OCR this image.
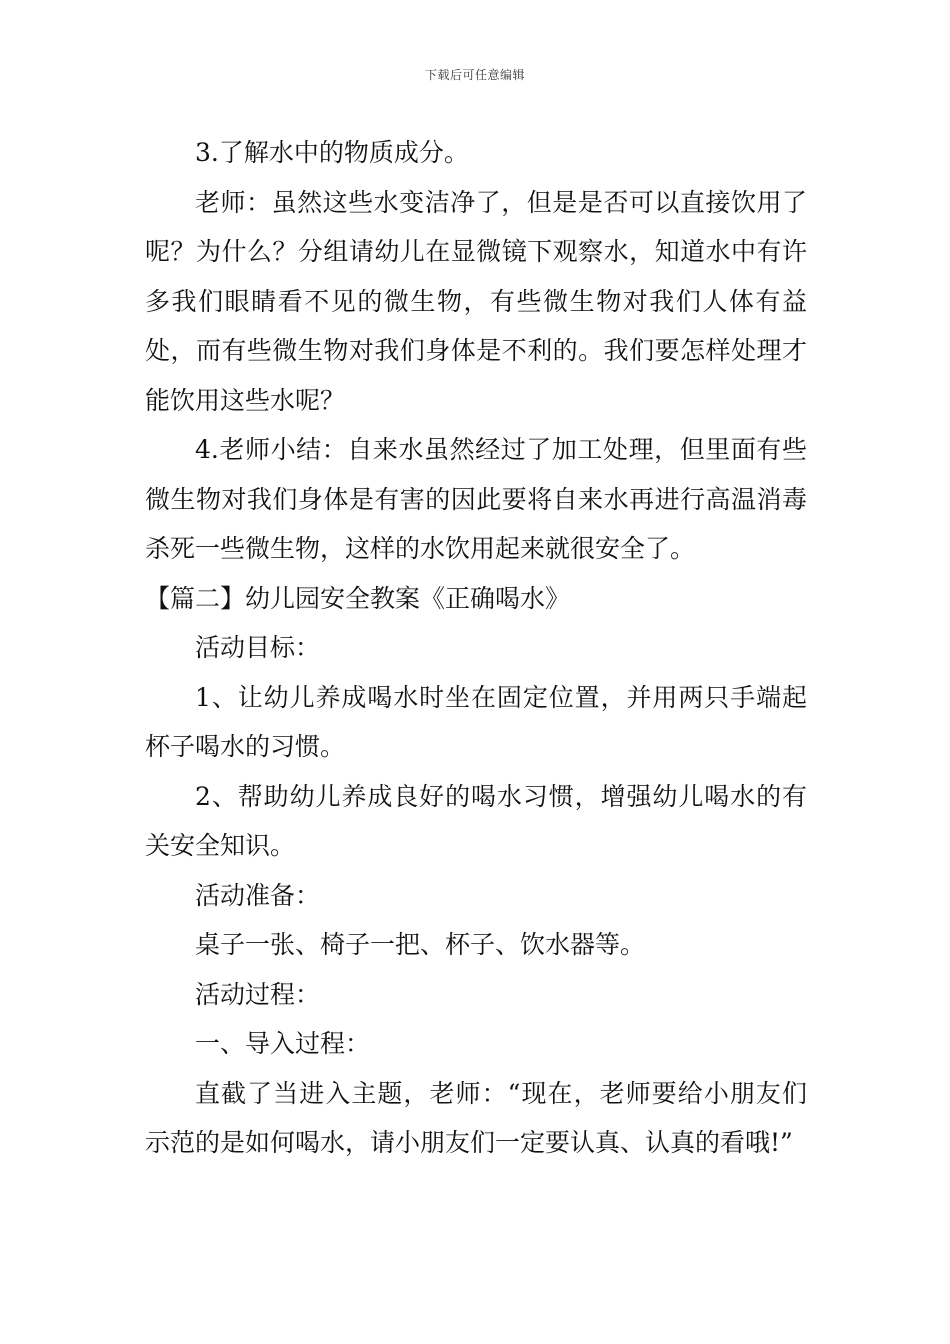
下载后可任意编辑

3.了解水中的物质成分。

老师：虽然这些水变洁净了，但是是否可以直接饮用了呢？为什么？分组请幼儿在显微镜下观察水，知道水中有许多我们眼睛看不见的微生物，有些微生物对我们人体有益处，而有些微生物对我们身体是不利的。我们要怎样处理才能饮用这些水呢？

4.老师小结：自来水虽然经过了加工处理，但里面有些微生物对我们身体是有害的因此要将自来水再进行高温消毒杀死一些微生物，这样的水饮用起来就很安全了。

【篇二】幼儿园安全教案《正确喝水》

活动目标：

1、让幼儿养成喝水时坐在固定位置，并用两只手端起杯子喝水的习惯。

2、帮助幼儿养成良好的喝水习惯，增强幼儿喝水的有关安全知识。

活动准备：

桌子一张、椅子一把、杯子、饮水器等。

活动过程：

一、导入过程：

直截了当进入主题，老师：“现在，老师要给小朋友们示范的是如何喝水，请小朋友们一定要认真、认真的看哦!”
